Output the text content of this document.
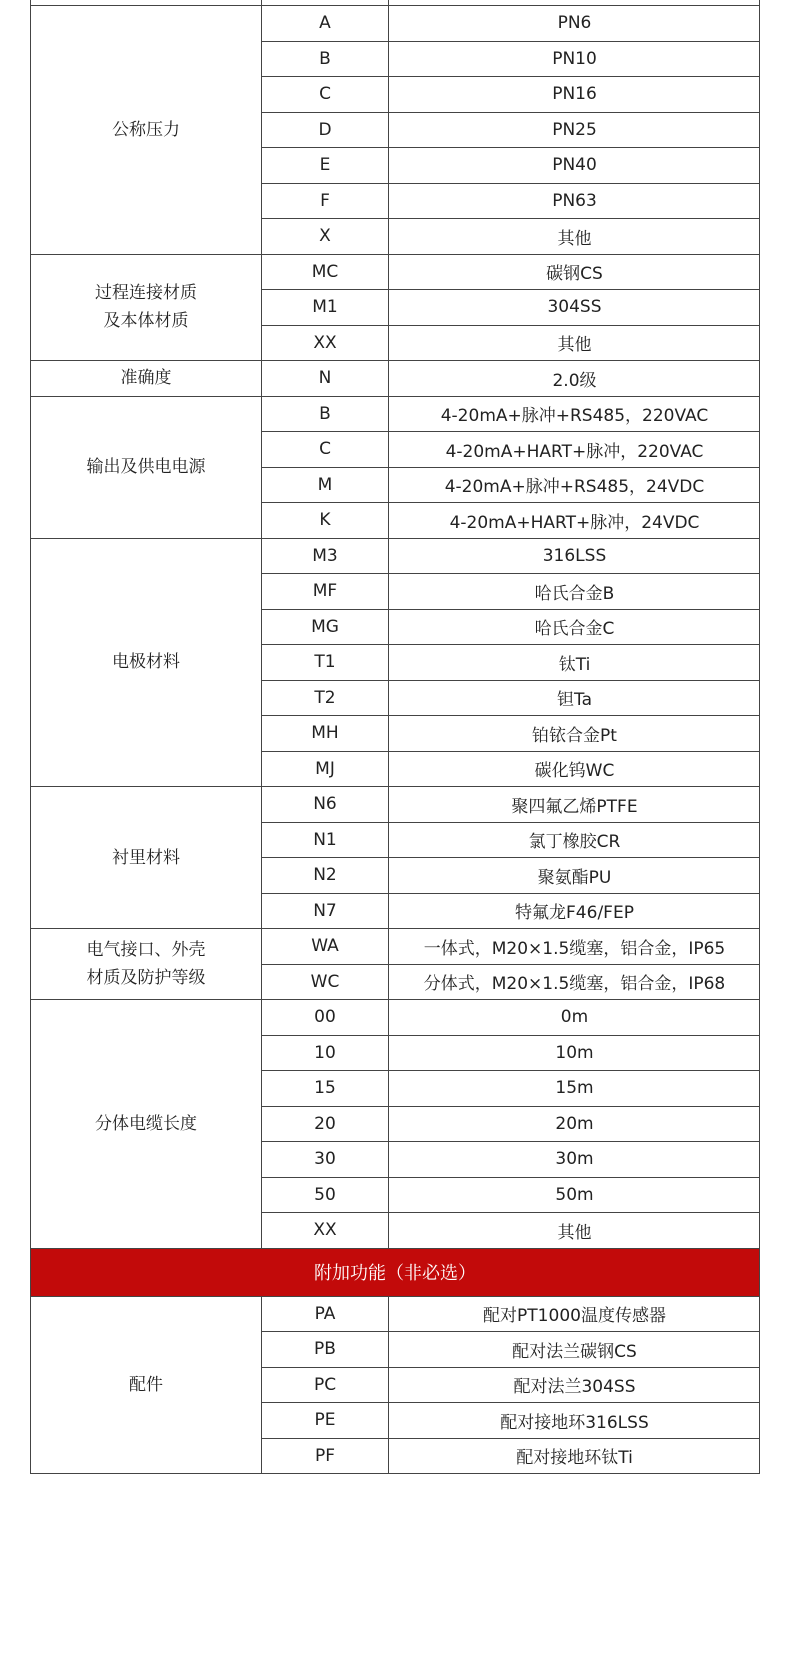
公称压力
A	PN6
B	PN10
C	PN16
D	PN25
E	PN40
F	PN63
X	其他
过程连接材质
及本体材质
MC	碳钢CS
M1	304SS
XX	其他
准确度	N	2.0级
输出及供电电源
B	4-20mA+脉冲+RS485，220VAC
C	4-20mA+HART+脉冲，220VAC
M	4-20mA+脉冲+RS485，24VDC
K	4-20mA+HART+脉冲，24VDC
电极材料
M3	316LSS
MF	哈氏合金B
MG	哈氏合金C
T1	钛Ti
T2	钽Ta
MH	铂铱合金Pt
MJ	碳化钨WC
衬里材料
N6	聚四氟乙烯PTFE
N1	氯丁橡胶CR
N2	聚氨酯PU
N7	特氟龙F46/FEP
电气接口、外壳
材质及防护等级
WA	一体式，M20×1.5缆塞，铝合金，IP65
WC	分体式，M20×1.5缆塞，铝合金，IP68
分体电缆长度
00	0m
10	10m
15	15m
20	20m
30	30m
50	50m
XX	其他
附加功能（非必选）
配件
PA	配对PT1000温度传感器
PB	配对法兰碳钢CS
PC	配对法兰304SS
PE	配对接地环316LSS
PF	配对接地环钛Ti
